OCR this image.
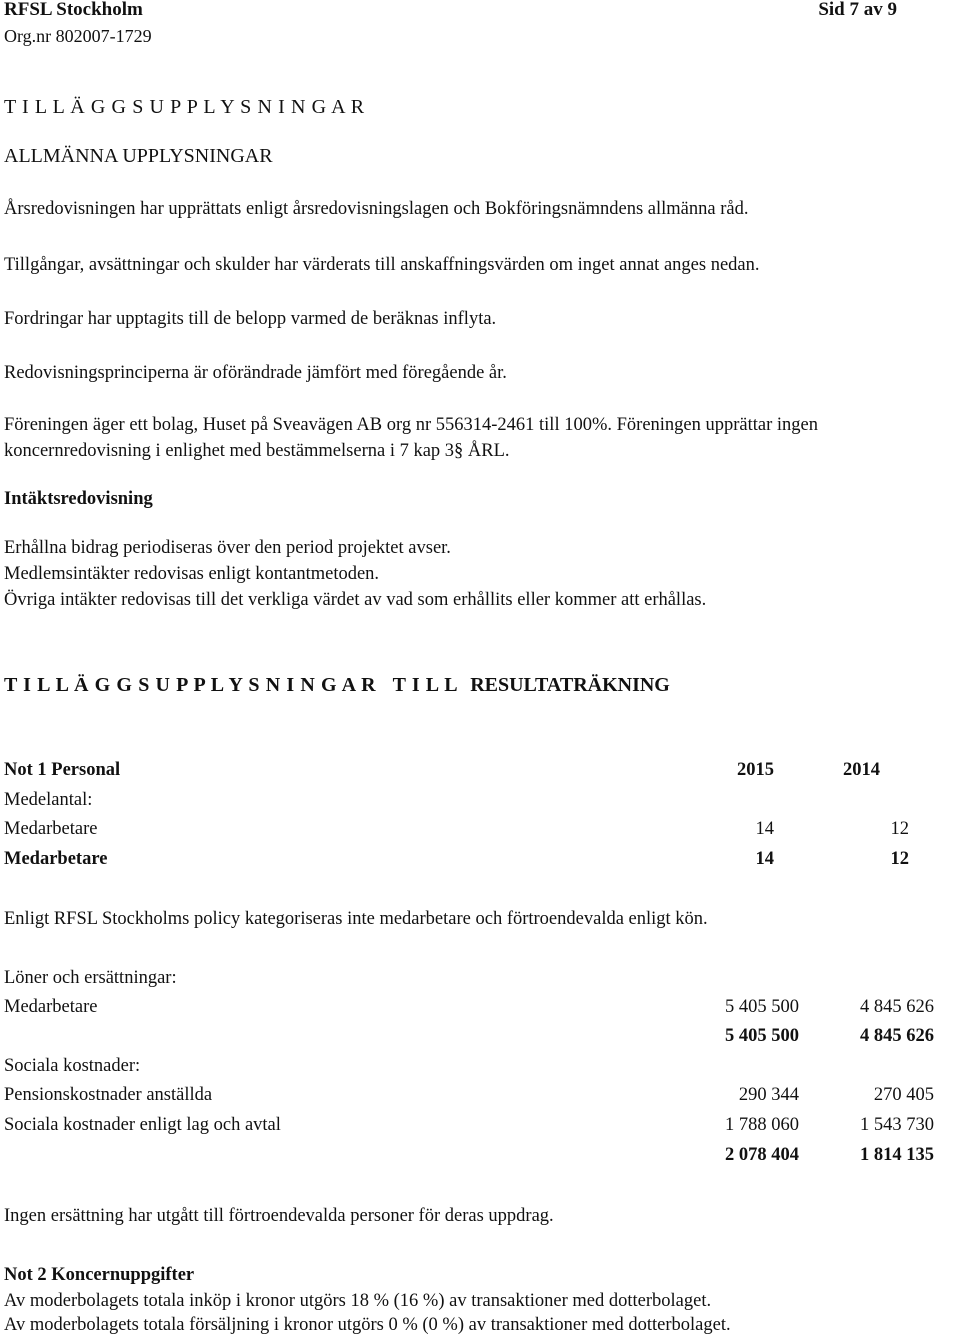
RFSL Stockholm	Sid 7 av 9
Org.nr 802007-1729
T I L L Ä G G S U P P L Y S N I N G A R
ALLMÄNNA UPPLYSNINGAR
Årsredovisningen har upprättats enligt årsredovisningslagen och Bokföringsnämndens allmänna råd.
Tillgångar, avsättningar och skulder har värderats till anskaffningsvärden om inget annat anges nedan.
Fordringar har upptagits till de belopp varmed de beräknas inflyta.
Redovisningsprinciperna är oförändrade jämfört med föregående år.
Föreningen äger ett bolag, Huset på Sveavägen AB org nr 556314-2461 till 100%. Föreningen upprättar ingen
koncernredovisning i enlighet med bestämmelserna i 7 kap 3§ ÅRL.
Intäktsredovisning
Erhållna bidrag periodiseras över den period projektet avser.
Medlemsintäkter redovisas enligt kontantmetoden.
Övriga intäkter redovisas till det verkliga värdet av vad som erhållits eller kommer att erhållas.
T I L L Ä G G S U P P L Y S N I N G A R   T I L L RESULTATRÄKNING
Not 1 Personal	2015	2014
Medelantal:
Medarbetare	14	12
Medarbetare	14	12
Enligt RFSL Stockholms policy kategoriseras inte medarbetare och förtroendevalda enligt kön.
Löner och ersättningar:
Medarbetare	5 405 500	4 845 626
5 405 500	4 845 626
Sociala kostnader:
Pensionskostnader anställda	290 344	270 405
Sociala kostnader enligt lag och avtal	1 788 060	1 543 730
2 078 404	1 814 135
Ingen ersättning har utgått till förtroendevalda personer för deras uppdrag.
Not 2 Koncernuppgifter
Av moderbolagets totala inköp i kronor utgörs 18 % (16 %) av transaktioner med dotterbolaget.
Av moderbolagets totala försäljning i kronor utgörs 0 % (0 %) av transaktioner med dotterbolaget.
